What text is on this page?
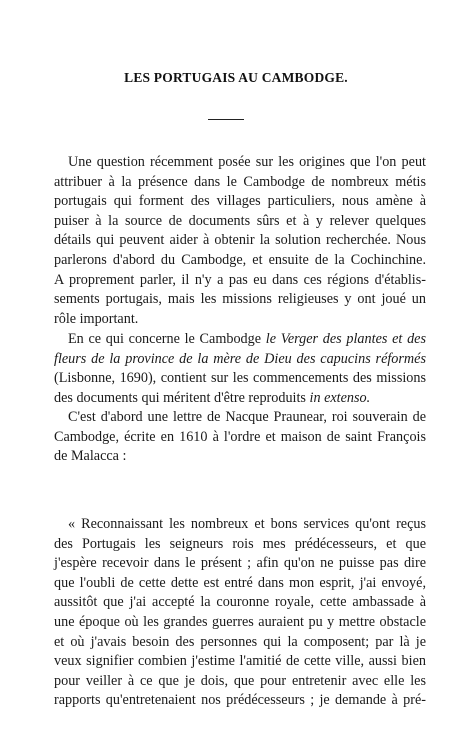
LES PORTUGAIS AU CAMBODGE.
Une question récemment posée sur les origines que l'on peut
attribuer à la présence dans le Cambodge de nombreux métis
portugais qui forment des villages particuliers, nous amène à
puiser à la source de documents sûrs et à y relever quelques
détails qui peuvent aider à obtenir la solution recherchée. Nous
parlerons d'abord du Cambodge, et ensuite de la Cochinchine.
A proprement parler, il n'y a pas eu dans ces régions d'établis-
sements portugais, mais les missions religieuses y ont joué un
rôle important.
En ce qui concerne le Cambodge le Verger des plantes et des
fleurs de la province de la mère de Dieu des capucins réformés
(Lisbonne, 1690), contient sur les commencements des missions
des documents qui méritent d'être reproduits in extenso.
C'est d'abord une lettre de Nacque Praunear, roi souverain de
Cambodge, écrite en 1610 à l'ordre et maison de saint François
de Malacca :
« Reconnaissant les nombreux et bons services qu'ont reçus
des Portugais les seigneurs rois mes prédécesseurs, et que
j'espère recevoir dans le présent ; afin qu'on ne puisse pas dire
que l'oubli de cette dette est entré dans mon esprit, j'ai envoyé,
aussitôt que j'ai accepté la couronne royale, cette ambassade à
une époque où les grandes guerres auraient pu y mettre obstacle
et où j'avais besoin des personnes qui la composent; par là je
veux signifier combien j'estime l'amitié de cette ville, aussi bien
pour veiller à ce que je dois, que pour entretenir avec elle les
rapports qu'entretenaient nos prédécesseurs ; je demande à pré-
